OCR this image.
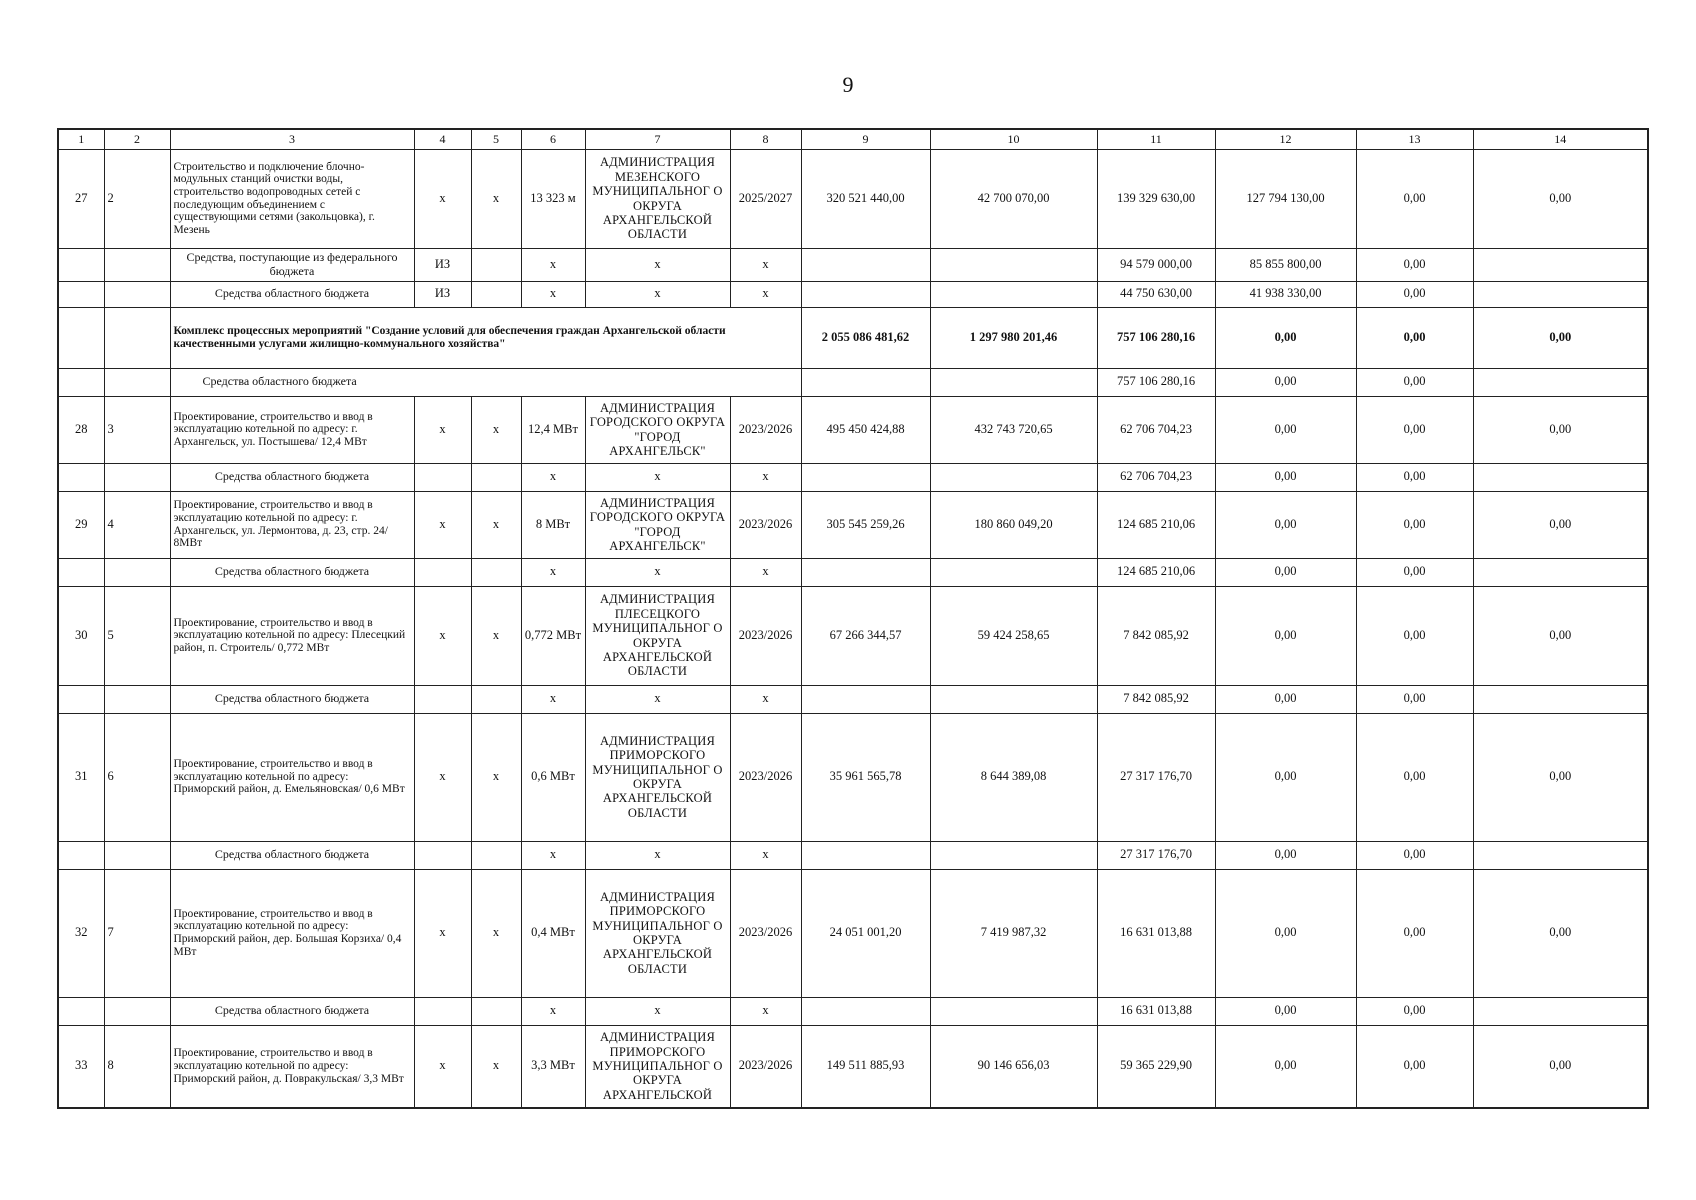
9
1	2	3	4	5	6	7	8	9	10	11	12	13	14
27	2	Строительство и подключение блочно-модульных станций очистки воды, строительство водопроводных сетей с последующим объединением с существующими сетями (закольцовка), г. Мезень	х	х	13 323 м	АДМИНИСТРАЦИЯ МЕЗЕНСКОГО МУНИЦИПАЛЬНОГ О ОКРУГА АРХАНГЕЛЬСКОЙ ОБЛАСТИ	2025/2027	320 521 440,00	42 700 070,00	139 329 630,00	127 794 130,00	0,00	0,00
		Средства, поступающие из федерального бюджета	ИЗ		х	х	х			94 579 000,00	85 855 800,00	0,00	
		Средства областного бюджета	ИЗ		х	х	х			44 750 630,00	41 938 330,00	0,00	
		Комплекс процессных мероприятий "Создание условий для обеспечения граждан Архангельской области качественными услугами жилищно-коммунального хозяйства"						2 055 086 481,62	1 297 980 201,46	757 106 280,16	0,00	0,00	0,00
		Средства областного бюджета								757 106 280,16	0,00	0,00	
28	3	Проектирование, строительство и ввод в эксплуатацию котельной по адресу: г. Архангельск, ул. Постышева/ 12,4 МВт	х	х	12,4 МВт	АДМИНИСТРАЦИЯ ГОРОДСКОГО ОКРУГА "ГОРОД АРХАНГЕЛЬСК"	2023/2026	495 450 424,88	432 743 720,65	62 706 704,23	0,00	0,00	0,00
		Средства областного бюджета			х	х	х			62 706 704,23	0,00	0,00	
29	4	Проектирование, строительство и ввод в эксплуатацию котельной по адресу: г. Архангельск, ул. Лермонтова, д. 23, стр. 24/ 8МВт	х	х	8 МВт	АДМИНИСТРАЦИЯ ГОРОДСКОГО ОКРУГА "ГОРОД АРХАНГЕЛЬСК"	2023/2026	305 545 259,26	180 860 049,20	124 685 210,06	0,00	0,00	0,00
		Средства областного бюджета			х	х	х			124 685 210,06	0,00	0,00	
30	5	Проектирование, строительство и ввод в эксплуатацию котельной по адресу: Плесецкий район, п. Строитель/ 0,772 МВт	х	х	0,772 МВт	АДМИНИСТРАЦИЯ ПЛЕСЕЦКОГО МУНИЦИПАЛЬНОГ О ОКРУГА АРХАНГЕЛЬСКОЙ ОБЛАСТИ	2023/2026	67 266 344,57	59 424 258,65	7 842 085,92	0,00	0,00	0,00
		Средства областного бюджета			х	х	х			7 842 085,92	0,00	0,00	
31	6	Проектирование, строительство и ввод в эксплуатацию котельной по адресу: Приморский район, д. Емельяновская/ 0,6 МВт	х	х	0,6 МВт	АДМИНИСТРАЦИЯ ПРИМОРСКОГО МУНИЦИПАЛЬНОГ О ОКРУГА АРХАНГЕЛЬСКОЙ ОБЛАСТИ	2023/2026	35 961 565,78	8 644 389,08	27 317 176,70	0,00	0,00	0,00
		Средства областного бюджета			х	х	х			27 317 176,70	0,00	0,00	
32	7	Проектирование, строительство и ввод в эксплуатацию котельной по адресу: Приморский район, дер. Большая Корзиха/ 0,4 МВт	х	х	0,4 МВт	АДМИНИСТРАЦИЯ ПРИМОРСКОГО МУНИЦИПАЛЬНОГ О ОКРУГА АРХАНГЕЛЬСКОЙ ОБЛАСТИ	2023/2026	24 051 001,20	7 419 987,32	16 631 013,88	0,00	0,00	0,00
		Средства областного бюджета			х	х	х			16 631 013,88	0,00	0,00	
33	8	Проектирование, строительство и ввод в эксплуатацию котельной по адресу: Приморский район, д. Повракульская/ 3,3 МВт	х	х	3,3 МВт	АДМИНИСТРАЦИЯ ПРИМОРСКОГО МУНИЦИПАЛЬНОГ О ОКРУГА АРХАНГЕЛЬСКОЙ	2023/2026	149 511 885,93	90 146 656,03	59 365 229,90	0,00	0,00	0,00
